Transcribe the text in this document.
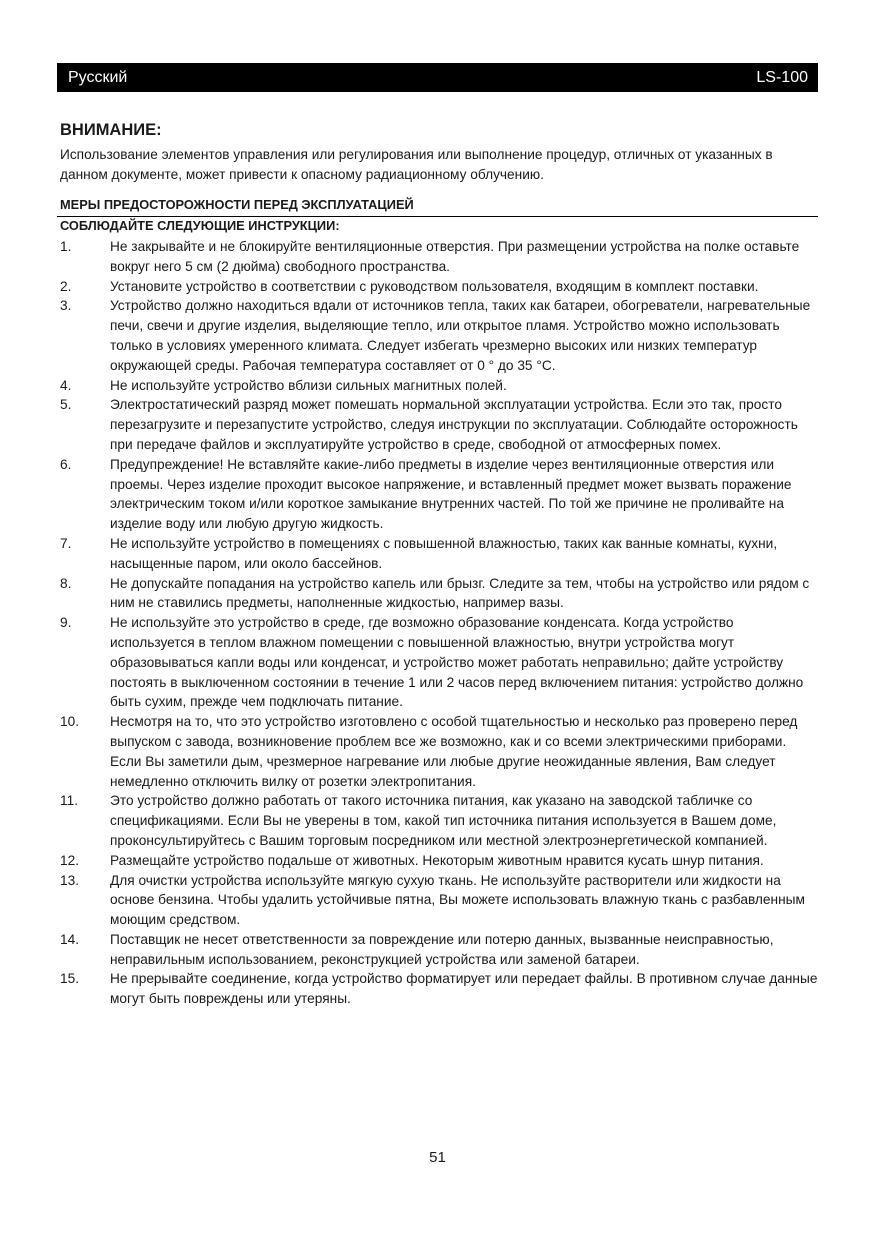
Русский	LS-100
ВНИМАНИЕ:

Использование элементов управления или регулирования или выполнение процедур, отличных от указанных в данном документе, может привести к опасному радиационному облучению.

МЕРЫ ПРЕДОСТОРОЖНОСТИ ПЕРЕД ЭКСПЛУАТАЦИЕЙ
СОБЛЮДАЙТЕ СЛЕДУЮЩИЕ ИНСТРУКЦИИ:
1.	Не закрывайте и не блокируйте вентиляционные отверстия. При размещении устройства на полке оставьте вокруг него 5 см (2 дюйма) свободного пространства.
2.	Установите устройство в соответствии с руководством пользователя, входящим в комплект поставки.
3.	Устройство должно находиться вдали от источников тепла, таких как батареи, обогреватели, нагревательные печи, свечи и другие изделия, выделяющие тепло, или открытое пламя. Устройство можно использовать только в условиях умеренного климата. Следует избегать чрезмерно высоких или низких температур окружающей среды. Рабочая температура составляет от 0 ° до 35 °C.
4.	Не используйте устройство вблизи сильных магнитных полей.
5.	Электростатический разряд может помешать нормальной эксплуатации устройства. Если это так, просто перезагрузите и перезапустите устройство, следуя инструкции по эксплуатации. Соблюдайте осторожность при передаче файлов и эксплуатируйте устройство в среде, свободной от атмосферных помех.
6.	Предупреждение! Не вставляйте какие-либо предметы в изделие через вентиляционные отверстия или проемы. Через изделие проходит высокое напряжение, и вставленный предмет может вызвать поражение электрическим током и/или короткое замыкание внутренних частей. По той же причине не проливайте на изделие воду или любую другую жидкость.
7.	Не используйте устройство в помещениях с повышенной влажностью, таких как ванные комнаты, кухни, насыщенные паром, или около бассейнов.
8.	Не допускайте попадания на устройство капель или брызг. Следите за тем, чтобы на устройство или рядом с ним не ставились предметы, наполненные жидкостью, например вазы.
9.	Не используйте это устройство в среде, где возможно образование конденсата. Когда устройство используется в теплом влажном помещении с повышенной влажностью, внутри устройства могут образовываться капли воды или конденсат, и устройство может работать неправильно; дайте устройству постоять в выключенном состоянии в течение 1 или 2 часов перед включением питания: устройство должно быть сухим, прежде чем подключать питание.
10.	Несмотря на то, что это устройство изготовлено с особой тщательностью и несколько раз проверено перед выпуском с завода, возникновение проблем все же возможно, как и со всеми электрическими приборами. Если Вы заметили дым, чрезмерное нагревание или любые другие неожиданные явления, Вам следует немедленно отключить вилку от розетки электропитания.
11.	Это устройство должно работать от такого источника питания, как указано на заводской табличке со спецификациями. Если Вы не уверены в том, какой тип источника питания используется в Вашем доме, проконсультируйтесь с Вашим торговым посредником или местной электроэнергетической компанией.
12.	Размещайте устройство подальше от животных. Некоторым животным нравится кусать шнур питания.
13.	Для очистки устройства используйте мягкую сухую ткань. Не используйте растворители или жидкости на основе бензина. Чтобы удалить устойчивые пятна, Вы можете использовать влажную ткань с разбавленным моющим средством.
14.	Поставщик не несет ответственности за повреждение или потерю данных, вызванные неисправностью, неправильным использованием, реконструкцией устройства или заменой батареи.
15.	Не прерывайте соединение, когда устройство форматирует или передает файлы. В противном случае данные могут быть повреждены или утеряны.

51
